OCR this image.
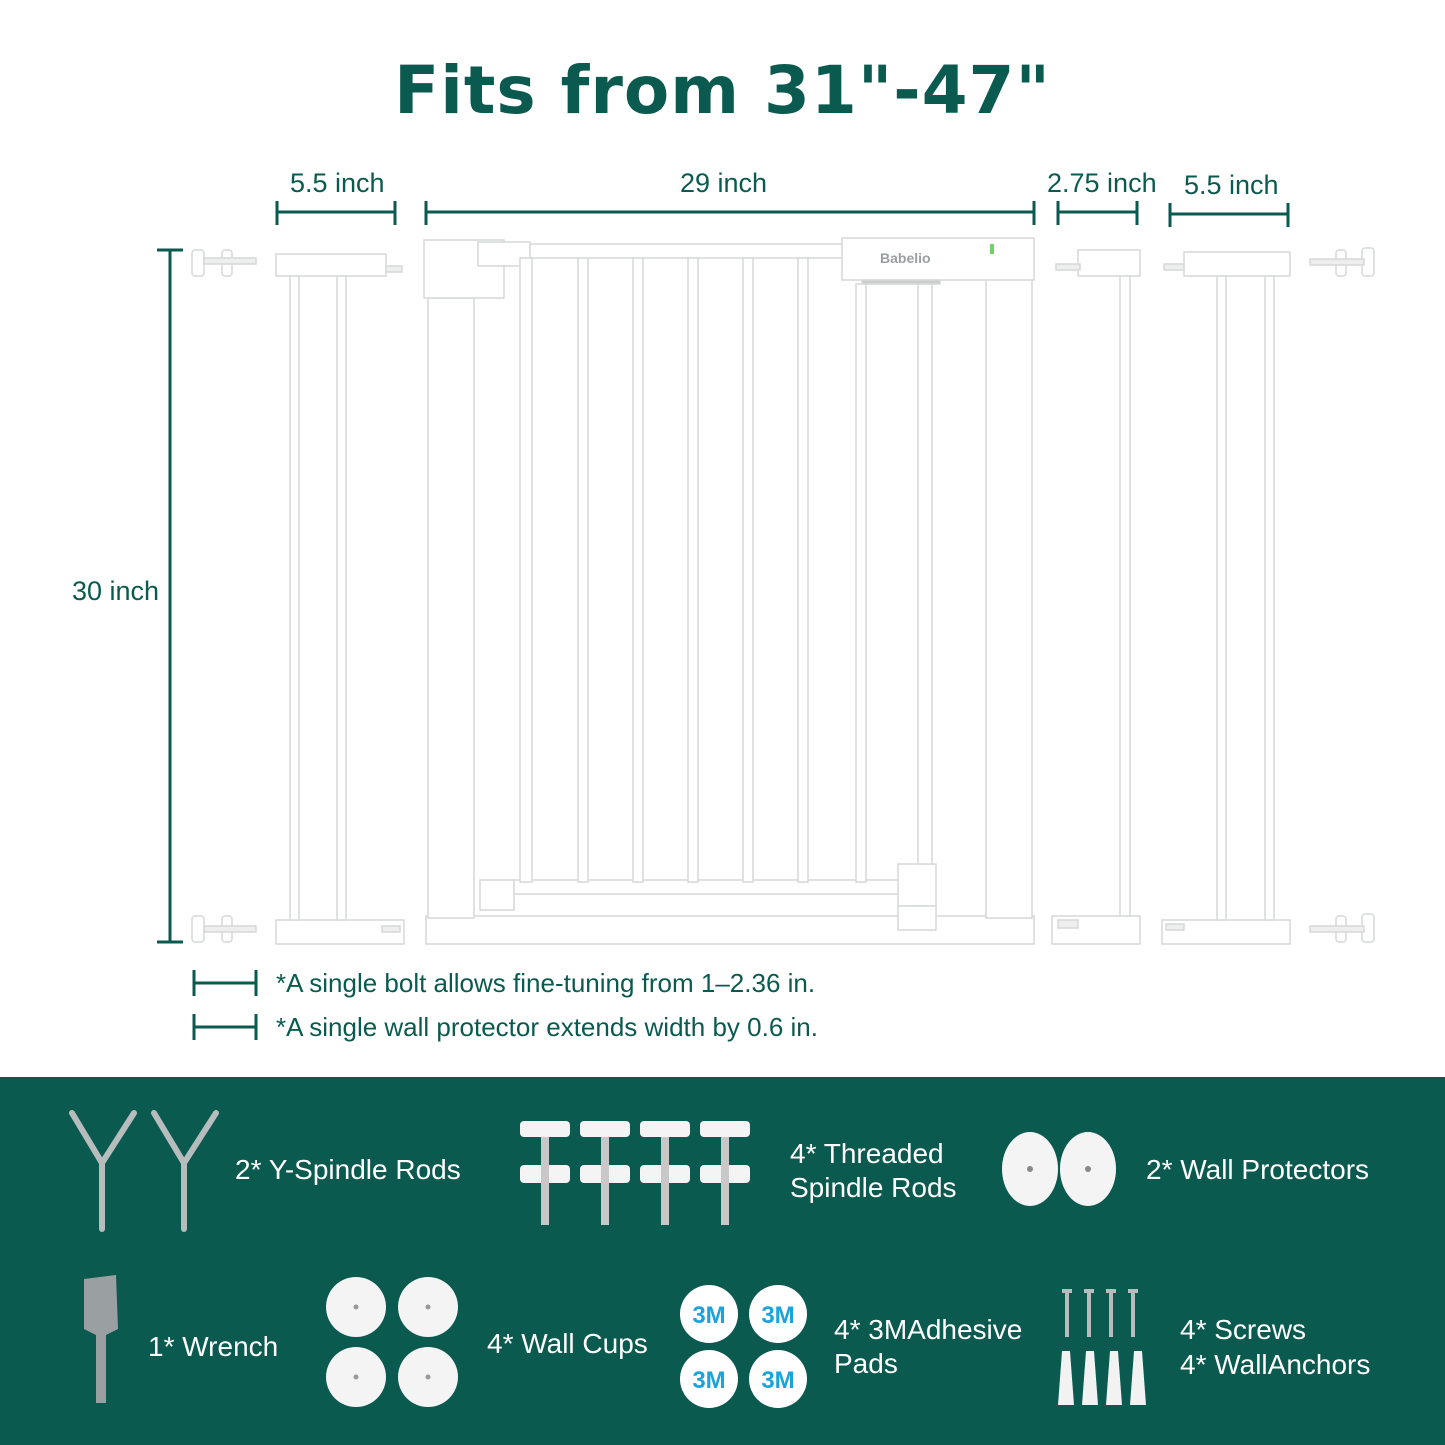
Fits from 31"-47"
5.5 inch	29 inch	2.75 inch 5.5 inch
30 inch
Babelio
*A single bolt allows fine-tuning from 1–2.36 in.
*A single wall protector extends width by 0.6 in.
2* Y-Spindle Rods
4* Threaded
Spindle Rods
2* Wall Protectors
1* Wrench	4* Wall Cups
3M 3M
3M 3M
4* 3MAdhesive
Pads
4* Screws
4* WallAnchors
